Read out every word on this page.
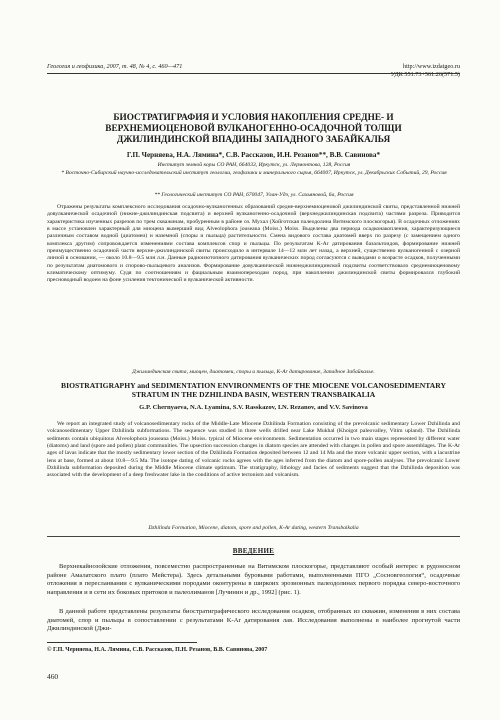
Геология и геофизика, 2007, т. 48, № 4, с. 460—471	http://www.izdatgeo.ru
УДК 551.73+561.26(571.5)
БИОСТРАТИГРАФИЯ И УСЛОВИЯ НАКОПЛЕНИЯ СРЕДНЕ- И ВЕРХНЕМИОЦЕНОВОЙ ВУЛКАНОГЕННО-ОСАДОЧНОЙ ТОЛЩИ ДЖИЛИНДИНСКОЙ ВПАДИНЫ ЗАПАДНОГО ЗАБАЙКАЛЬЯ
Г.П. Черняева, Н.А. Лямина*, С.В. Рассказов, И.Н. Резанов**, В.В. Савинова*
Институт земной коры СО РАН, 664033, Иркутск, ул. Лермонтова, 128, Россия
* Восточно-Сибирский научно-исследовательский институт геологии, геофизики и минерального сырья, 664007, Иркутск, ул. Декабрьских Событий, 29, Россия
** Геологический институт СО РАН, 670047, Улан-Удэ, ул. Сахьяновой, 6а, Россия
Отражены результаты комплексного исследования осадочно-вулканогенных образований средне-верхнемиоценовой джилиндинской свиты, представленной нижней довулканической осадочной (нижне-джилиндинская подсвита) и верхней вулканогенно-осадочной (верхнеджилиндинская подсвита) частями разреза. Приводится характеристика изученных разрезов по трем скважинам, пробуренным в районе оз. Мухал (Хойготская палеодолина Витимского плоскогорья). В осадочных отложениях в массе установлен характерный для миоцена вымерший вид Alveolophora jouseana (Moiss.) Moiss. Выделены два периода осадконакопления, характеризующиеся различным составом водной (диатомеи) и наземной (споры и пыльца) растительности. Смена видового состава диатомей вверх по разрезу (с замещением одного комплекса другим) сопровождается изменениями состава комплексов спор и пыльцы. По результатам K-Ar датирования базальтоидов, формирование нижней преимущественно осадочной части верхне-джилиндинской свиты происходило в интервале 14—12 млн лет назад, а верхней, существенно вулканогенной с озерной линзой в основании, — около 10.8—9.5 млн л.н. Данные радиоизотопного датирования вулканических пород согласуются с выводами о возрасте осадков, полученными по результатам диатомового и спорово-пыльцевого анализов. Формирование довулканической нижнеджилиндинской подсвиты соответствовало среднемиоценовому климатическому оптимуму. Судя по соотношениям и фациальным взаимопереходам пород, при накоплении джилиндинской свиты формировался глубокий пресноводный водоем на фоне усиления тектонической и вулканической активности.
Джилиндинская свита, миоцен, диатомеи, споры и пыльца, K-Ar датирование, Западное Забайкалье.
BIOSTRATIGRAPHY and SEDIMENTATION ENVIRONMENTS OF THE MIOCENE VOLCANOSEDIMENTARY STRATUM IN THE DZHILINDA BASIN, WESTERN TRANSBAIKALIA
G.P. Chernyaeva, N.A. Lyamina, S.V. Rasskazov, I.N. Rezanov, and V.V. Savinova
We report an integrated study of volcanosedimentary rocks of the Middle-Late Miocene Dzhilinda Formation consisting of the prevolcanic sedimentary Lower Dzhilinda and volcanosedimentary Upper Dzhilinda subformations. The sequence was studied in three wells drilled near Lake Mukhal (Khoigot paleovalley, Vitim upland). The Dzhilinda sediments contain ubiquitous Alveolophora jouseana (Moiss.) Moiss. typical of Miocene environments. Sedimentation occurred in two main stages represented by different water (diatoms) and land (spore and pollen) plant communities. The upsection succession changes in diatom species are attended with changes in pollen and spore assemblages. The K-Ar ages of lavas indicate that the mostly sedimentary lower section of the Dzhilinda Formation deposited between 12 and 14 Ma and the more volcanic upper section, with a lacustrine lens at base, formed at about 10.8—9.5 Ma. The isotope dating of volcanic rocks agrees with the ages inferred from the diatom and spore-pollen analyses. The prevolcanic Lower Dzhilinda subformation deposited during the Middle Miocene climate optimum. The stratigraphy, lithology and facies of sediments suggest that the Dzhilinda deposition was associated with the development of a deep freshwater lake in the conditions of active tectonism and volcanism.
Dzhilinda Formation, Miocene, diatom, spore and pollen, K-Ar dating, western Transbaikalia
ВВЕДЕНИЕ
Верхнекайнозойские отложения, повсеместно распространенные на Витимском плоскогорье, представляют особый интерес в рудоносном районе Амалатского плато (плато Мейстера). Здесь детальными буровыми работами, выполненными ПГО „Сосновгеология“, осадочные отложения в пересланвании с вулканическими породами оконтурены в ширкоих эрозионных палеодолинах первого порядка северо-восточного направления и в сети их боковых притоков и палеолиманов [Лучинин и др., 1992] (рис. 1).
В данной работе представлены результаты биостратиграфического исследования осадков, отобранных из скважин, изменения в них состава диатомей, спор и пыльцы в сопоставлении с результатами K-Ar датирования лав. Исследования выполнены в наиболее прогнутой части Джилиндинской (Джи-
© Г.П. Черняева, Н.А. Лямина, С.В. Рассказов, П.Н. Резанов, В.В. Савинова, 2007
460
